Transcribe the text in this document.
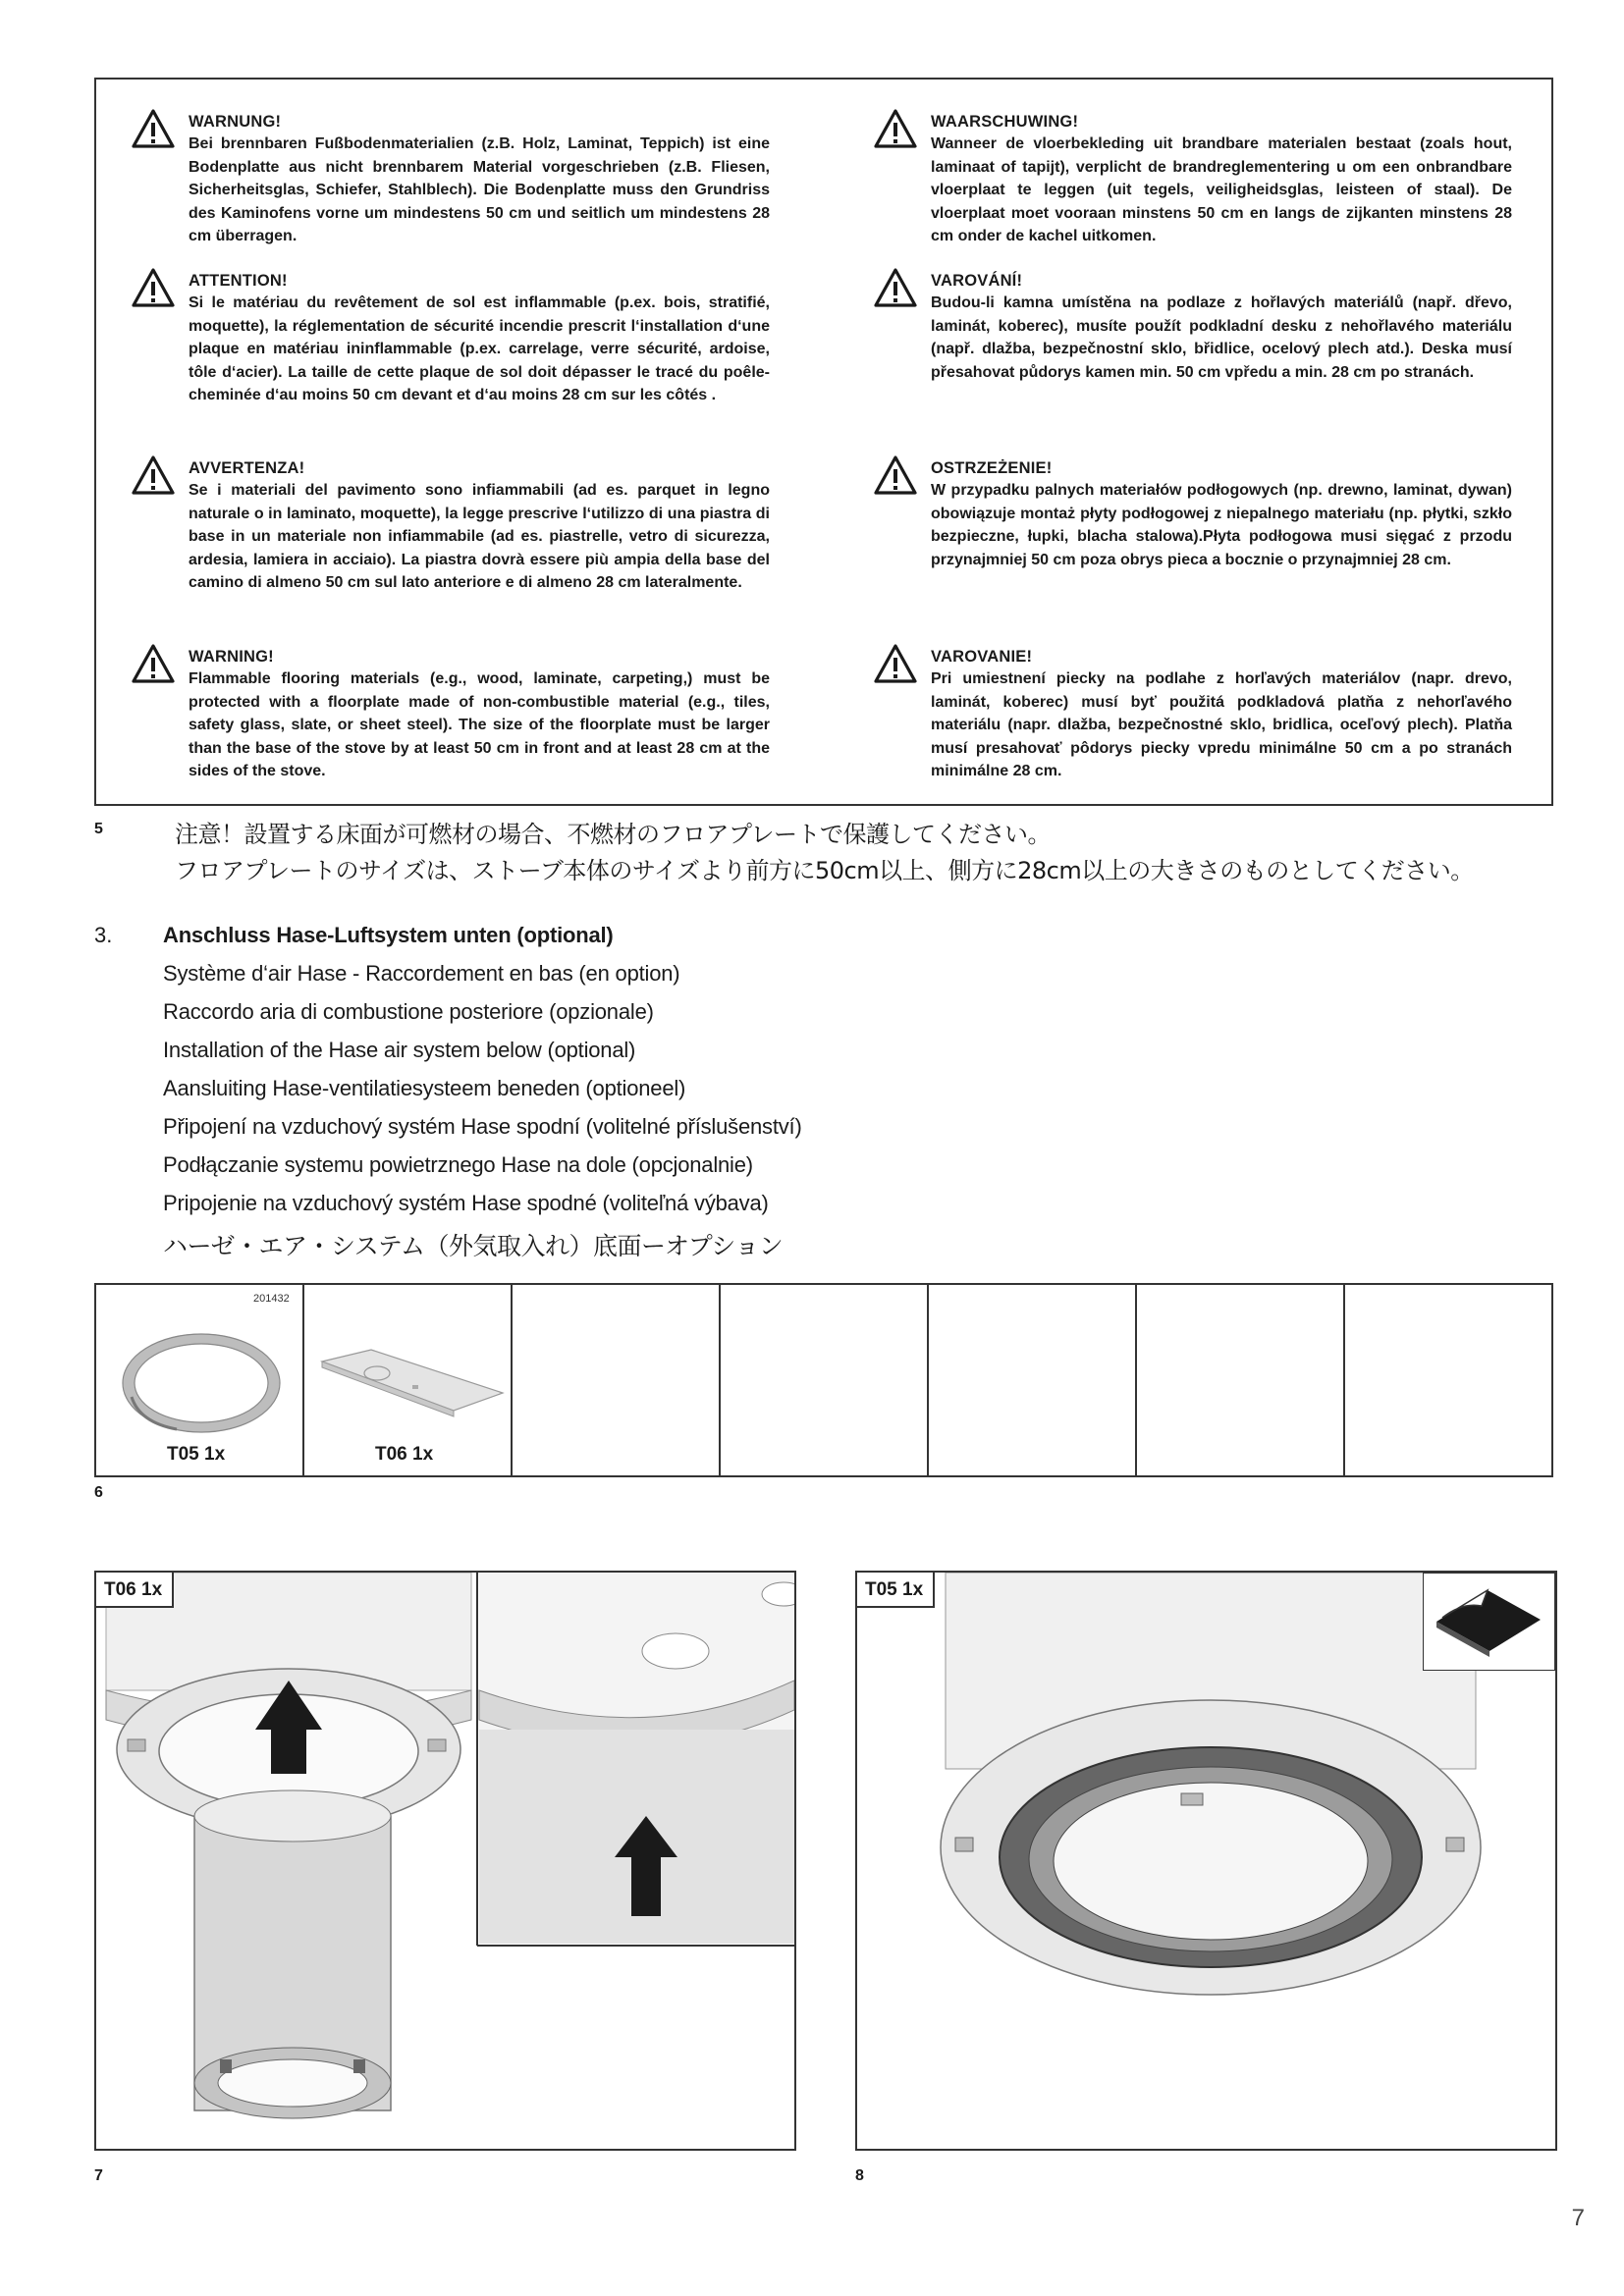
WARNUNG!
Bei brennbaren Fußbodenmaterialien (z.B. Holz, Laminat, Teppich) ist eine Bodenplatte aus nicht brennbarem Material vorgeschrieben (z.B. Fliesen, Sicherheitsglas, Schiefer, Stahlblech). Die Bodenplatte muss den Grundriss des Kaminofens vorne um mindestens 50 cm und seitlich um mindestens 28 cm überragen.
ATTENTION!
Si le matériau du revêtement de sol est inflammable (p.ex. bois, stratifié, moquette), la réglementation de sécurité incendie prescrit l‘installation d‘une plaque en matériau ininflammable (p.ex. carrelage, verre sécurité, ardoise, tôle d‘acier). La taille de cette plaque de sol doit dépasser le tracé du poêle-cheminée d‘au moins 50 cm devant et d‘au moins 28 cm sur les côtés .
AVVERTENZA!
Se i materiali del pavimento sono infiammabili (ad es. parquet in legno naturale o in laminato, moquette), la legge prescrive l‘utilizzo di una piastra di base in un materiale non infiammabile (ad es. piastrelle, vetro di sicurezza, ardesia, lamiera in acciaio). La piastra dovrà essere più ampia della base del camino di almeno 50 cm sul lato anteriore e di almeno 28 cm lateralmente.
WARNING!
Flammable flooring materials (e.g., wood, laminate, carpeting,) must be protected with a floorplate made of non-combustible material (e.g., tiles, safety glass, slate, or sheet steel). The size of the floorplate must be larger than the base of the stove by at least 50 cm in front and at least 28 cm at the sides of the stove.
WAARSCHUWING!
Wanneer de vloerbekleding uit brandbare materialen bestaat (zoals hout, laminaat of tapijt), verplicht de brandreglementering u om een onbrandbare vloerplaat te leggen (uit tegels, veiligheidsglas, leisteen of staal). De vloerplaat moet vooraan minstens 50 cm en langs de zijkanten minstens 28 cm onder de kachel uitkomen.
VAROVÁNÍ!
Budou-li kamna umístěna na podlaze z hořlavých materiálů (např. dřevo, laminát, koberec), musíte použít podkladní desku z nehořlavého materiálu (např. dlažba, bezpečnostní sklo, břidlice, ocelový plech atd.). Deska musí přesahovat půdorys kamen min. 50 cm vpředu a min. 28 cm po stranách.
OSTRZEŻENIE!
W przypadku palnych materiałów podłogowych (np. drewno, laminat, dywan) obowiązuje montaż płyty podłogowej z niepalnego materiału (np. płytki, szkło bezpieczne, łupki, blacha stalowa).Płyta podłogowa musi sięgać z przodu przynajmniej 50 cm poza obrys pieca a bocznie o przynajmniej 28 cm.
VAROVANIE!
Pri umiestnení piecky na podlahe z horľavých materiálov (napr. drevo, laminát, koberec) musí byť použitá podkladová platňa z nehorľavého materiálu (napr. dlažba, bezpečnostné sklo, bridlica, oceľový plech). Platňa musí presahovať pôdorys piecky vpredu minimálne 50 cm a po stranách minimálne 28 cm.
5	注意！設置する床面が可燃材の場合、不燃材のフロアプレートで保護してください。
フロアプレートのサイズは、ストーブ本体のサイズより前方に50cm以上、側方に28cm以上の大きさのものとしてください。
3. Anschluss Hase-Luftsystem unten (optional)
Système d‘air Hase - Raccordement en bas (en option)
Raccordo aria di combustione posteriore (opzionale)
Installation of the Hase air system below (optional)
Aansluiting Hase-ventilatiesysteem beneden (optioneel)
Připojení na vzduchový systém Hase spodní (volitelné příslušenství)
Podłączanie systemu powietrznego Hase na dole (opcjonalnie)
Pripojenie na vzduchový systém Hase spodné (voliteľná výbava)
ハーゼ・エア・システム（外気取入れ）底面ーオプション
T05 1x
201432
T06 1x
6
T06 1x
7
T05 1x
8
7
